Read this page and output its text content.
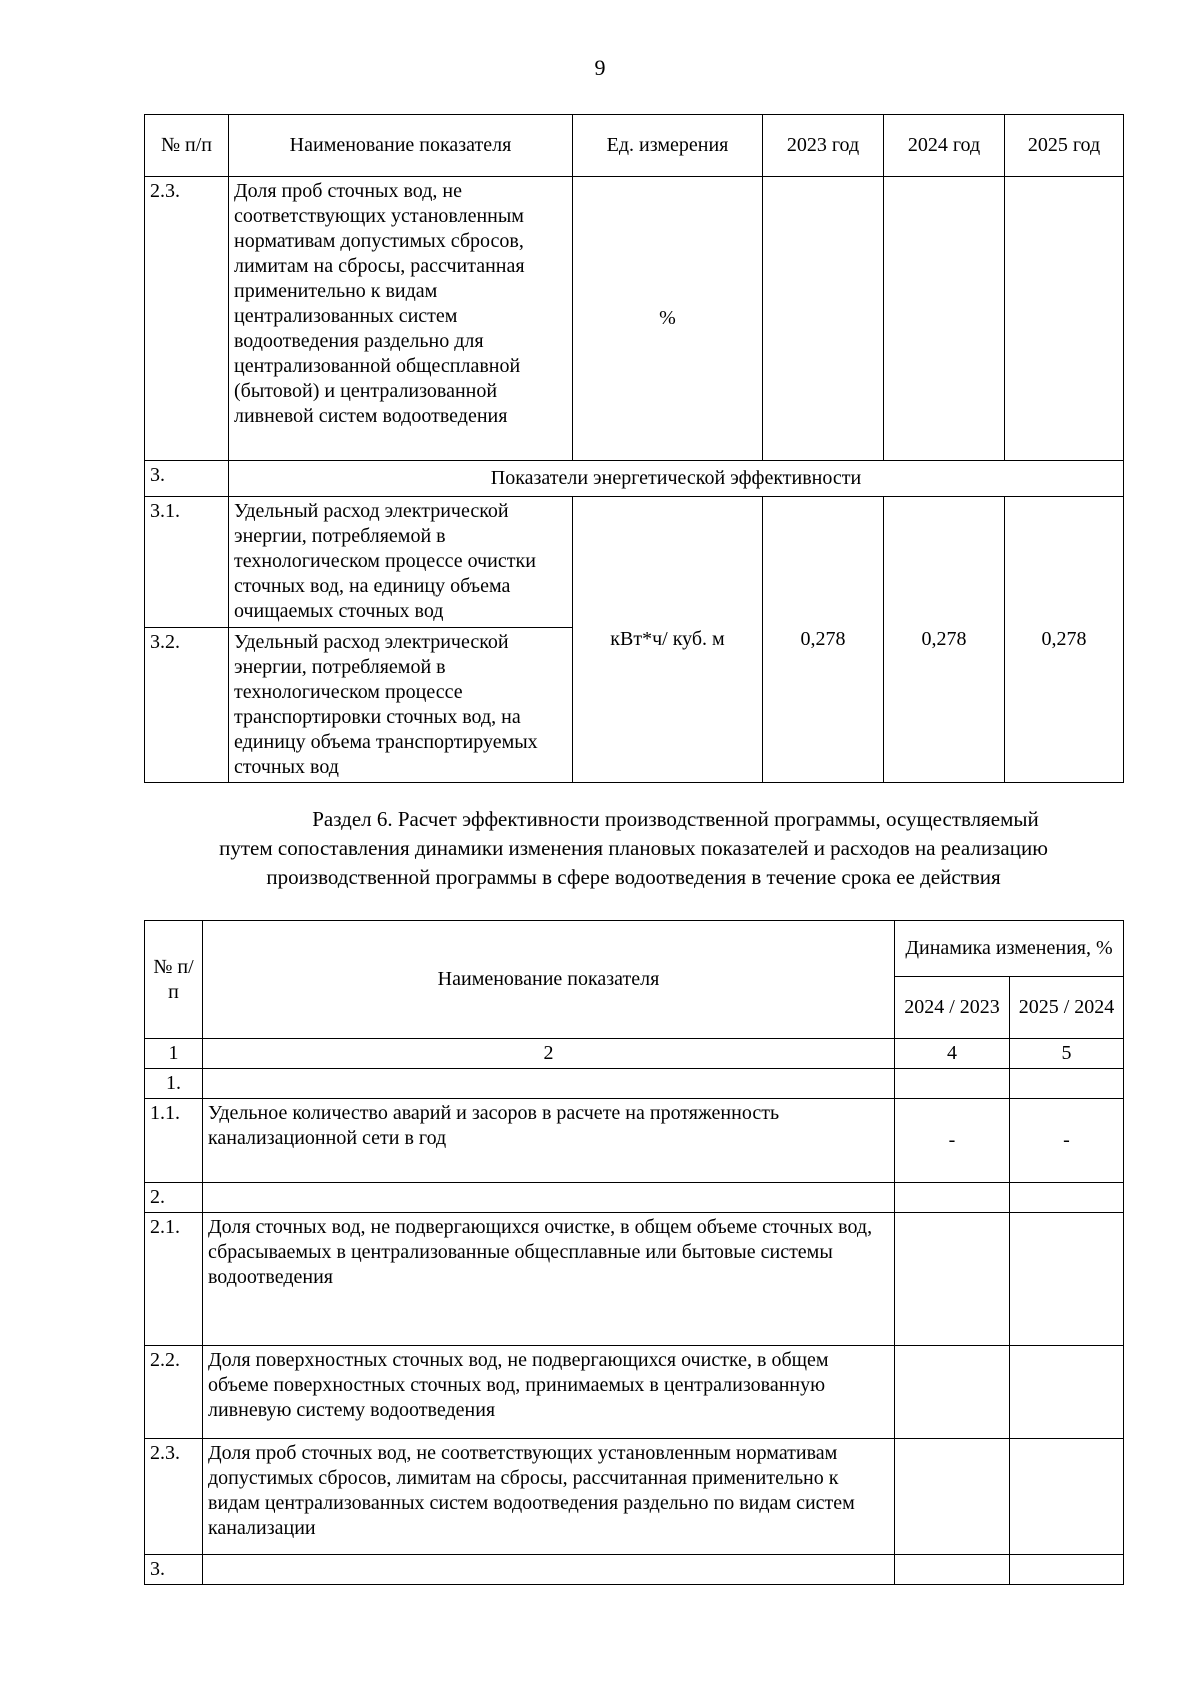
9
№ п/п	Наименование показателя	Ед. измерения	2023 год	2024 год	2025 год
2.3.	Доля проб сточных вод, не соответствующих установленным нормативам допустимых сбросов, лимитам на сбросы, рассчитанная применительно к видам централизованных систем водоотведения раздельно для централизованной общесплавной (бытовой) и централизованной ливневой систем водоотведения	%			
3.	Показатели энергетической эффективности				
3.1.	Удельный расход электрической энергии, потребляемой в технологическом процессе очистки сточных вод, на единицу объема очищаемых сточных вод	кВт*ч/ куб. м	0,278	0,278	0,278
3.2.	Удельный расход электрической энергии, потребляемой в технологическом процессе транспортировки сточных вод, на единицу объема транспортируемых сточных вод				
Раздел 6. Расчет эффективности производственной программы, осуществляемый
путем сопоставления динамики изменения плановых показателей и расходов на реализацию
производственной программы в сфере водоотведения в течение срока ее действия
№ п/п	Наименование показателя	Динамика изменения, %	
		2024 / 2023	2025 / 2024
1	2	4	5
1.			
1.1.	Удельное количество аварий и засоров в расчете на протяженность канализационной сети в год	-	-
2.			
2.1.	Доля сточных вод, не подвергающихся очистке, в общем объеме сточных вод, сбрасываемых в централизованные общесплавные или бытовые системы водоотведения		
2.2.	Доля поверхностных сточных вод, не подвергающихся очистке, в общем объеме поверхностных сточных вод, принимаемых в централизованную ливневую систему водоотведения		
2.3.	Доля проб сточных вод, не соответствующих установленным нормативам допустимых сбросов, лимитам на сбросы, рассчитанная применительно к видам централизованных систем водоотведения раздельно по видам систем канализации		
3.			
